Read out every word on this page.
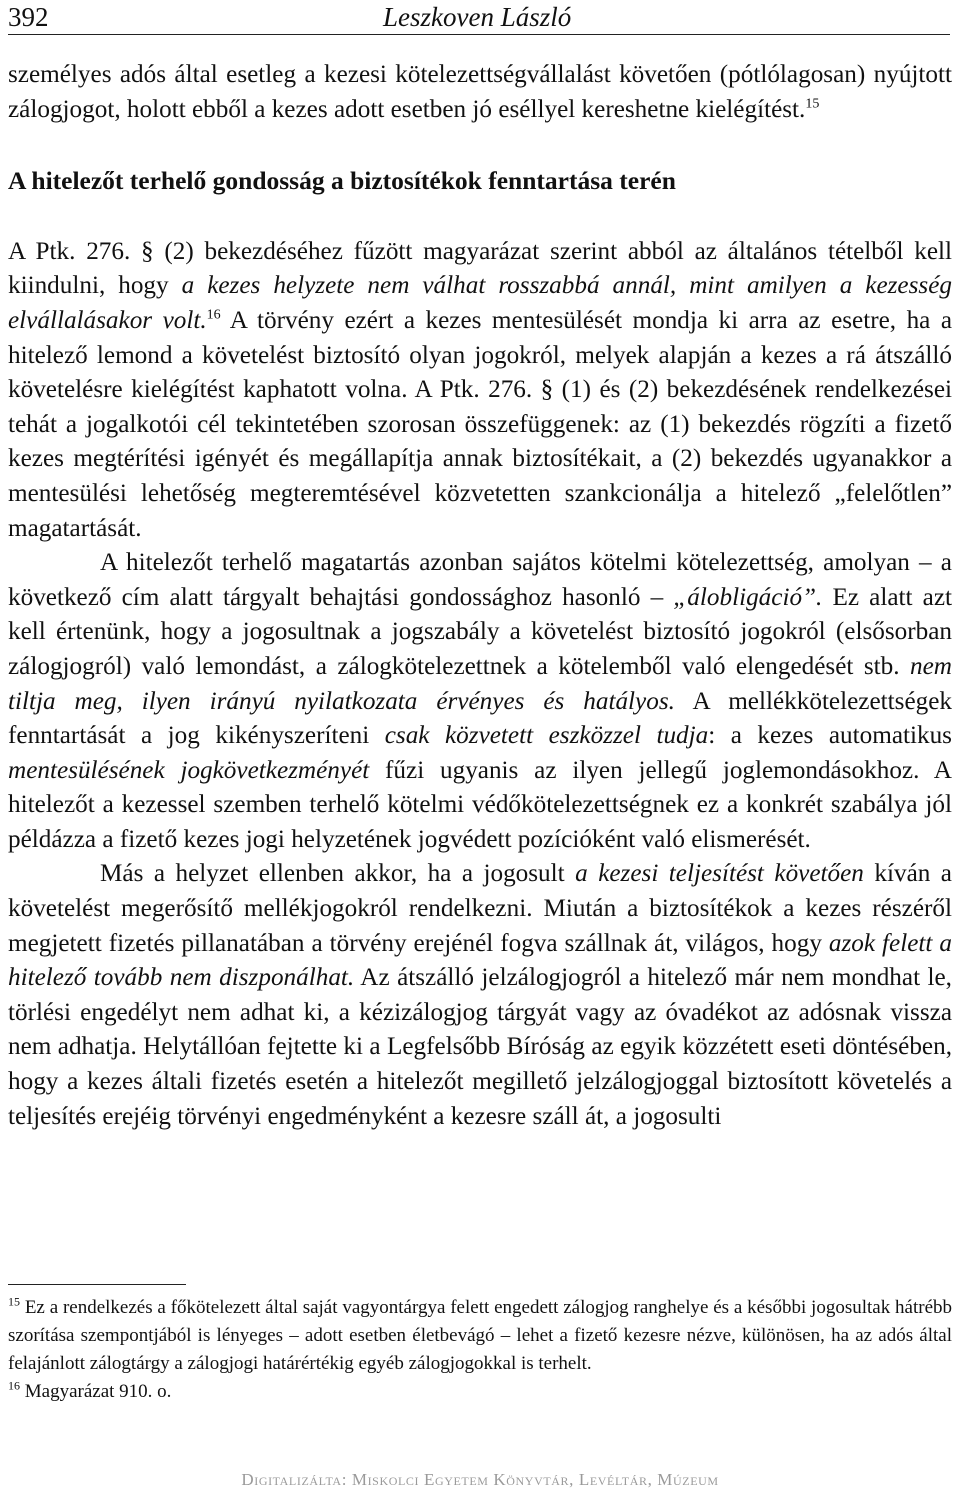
392	Leszkoven László

személyes adós által esetleg a kezesi kötelezettségvállalást követően (pótlólagosan) nyújtott zálogjogot, holott ebből a kezes adott esetben jó eséllyel kereshetne kielégítést.$^{15}$

A hitelezőt terhelő gondosság a biztosítékok fenntartása terén

A Ptk. 276. § (2) bekezdéséhez fűzött magyarázat szerint abból az általános tételből kell kiindulni, hogy a kezes helyzete nem válhat rosszabbá annál, mint amilyen a kezesség elvállalásakor volt.$^{16}$ A törvény ezért a kezes mentesülését mondja ki arra az esetre, ha a hitelező lemond a követelést biztosító olyan jogokról, melyek alapján a kezes a rá átszálló követelésre kielégítést kaphatott volna. A Ptk. 276. § (1) és (2) bekezdésének rendelkezései tehát a jogalkotói cél tekintetében szorosan összefüggenek: az (1) bekezdés rögzíti a fizető kezes megtérítési igényét és megállapítja annak biztosítékait, a (2) bekezdés ugyanakkor a mentesülési lehetőség megteremtésével közvetetten szankcionálja a hitelező „felelőtlen” magatartását.

A hitelezőt terhelő magatartás azonban sajátos kötelmi kötelezettség, amolyan – a következő cím alatt tárgyalt behajtási gondossághoz hasonló – „álobligáció”. Ez alatt azt kell értenünk, hogy a jogosultnak a jogszabály a követelést biztosító jogokról (elsősorban zálogjogról) való lemondást, a zálogkötelezettnek a kötelemből való elengedését stb. nem tiltja meg, ilyen irányú nyilatkozata érvényes és hatályos. A mellékkötelezettségek fenntartását a jog kikényszeríteni csak közvetett eszközzel tudja: a kezes automatikus mentesülésének jogkövetkezményét fűzi ugyanis az ilyen jellegű joglemondásokhoz. A hitelezőt a kezessel szemben terhelő kötelmi védőkötelezettségnek ez a konkrét szabálya jól példázza a fizető kezes jogi helyzetének jogvédett pozícióként való elismerését.

Más a helyzet ellenben akkor, ha a jogosult a kezesi teljesítést követően kíván a követelést megerősítő mellékjogokról rendelkezni. Miután a biztosítékok a kezes részéről megjetett fizetés pillanatában a törvény erejénél fogva szállnak át, világos, hogy azok felett a hitelező tovább nem diszponálhat. Az átszálló jelzálogjogról a hitelező már nem mondhat le, törlési engedélyt nem adhat ki, a kézizálogjog tárgyát vagy az óvadékot az adósnak vissza nem adhatja. Helytállóan fejtette ki a Legfelsőbb Bíróság az egyik közzétett eseti döntésében, hogy a kezes általi fizetés esetén a hitelezőt megillető jelzálogjoggal biztosított követelés a teljesítés erejéig törvényi engedményként a kezesre száll át, a jogosulti

$^{15}$ Ez a rendelkezés a főkötelezett által saját vagyontárgya felett engedett zálogjog ranghelye és a későbbi jogosultak hátrébb szorítása szempontjából is lényeges – adott esetben életbevágó – lehet a fizető kezesre nézve, különösen, ha az adós által felajánlott zálogtárgy a zálogjogi határértékig egyéb zálogjogokkal is terhelt.

$^{16}$ Magyarázat 910. o.

Digitalizálta: Miskolci Egyetem Könyvtár, Levéltár, Múzeum
